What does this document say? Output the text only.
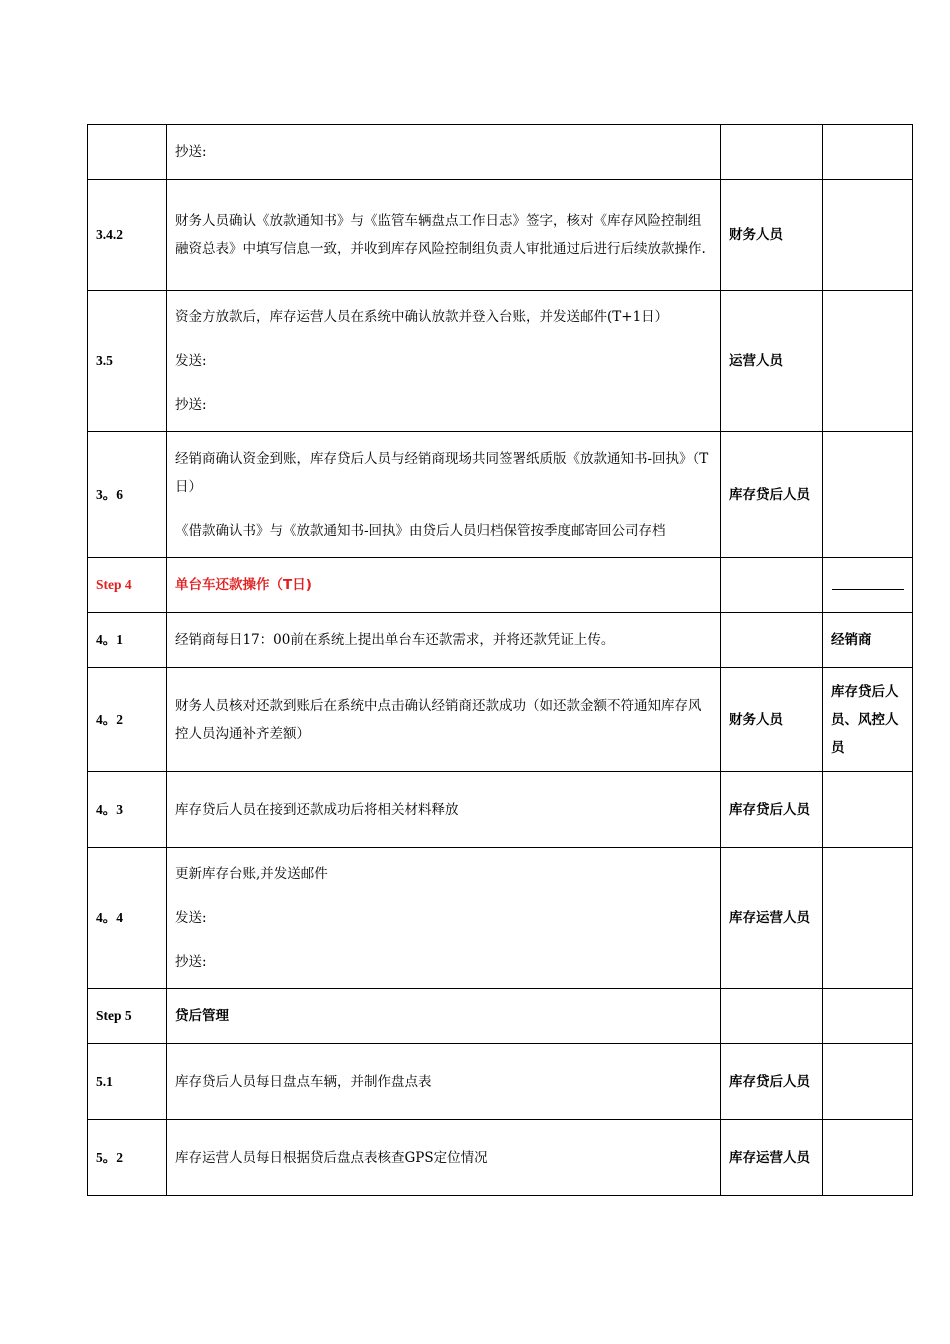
	抄送:		

3.4.2	财务人员确认《放款通知书》与《监管车辆盘点工作日志》签字，核对《库存风险控制组融资总表》中填写信息一致，并收到库存风险控制组负责人审批通过后进行后续放款操作.	财务人员	
3.5	资金方放款后，库存运营人员在系统中确认放款并登入台账，并发送邮件(T+1日）

发送:

抄送:	运营人员	
3。6	经销商确认资金到账，库存贷后人员与经销商现场共同签署纸质版《放款通知书-回执》（T日）

《借款确认书》与《放款通知书-回执》由贷后人员归档保管按季度邮寄回公司存档	库存贷后人员	
Step 4	单台车还款操作（T日)		
4。1	经销商每日17：00前在系统上提出单台车还款需求，并将还款凭证上传。		经销商
4。2	财务人员核对还款到账后在系统中点击确认经销商还款成功（如还款金额不符通知库存风控人员沟通补齐差额）	财务人员	库存贷后人员、风控人员
4。3	库存贷后人员在接到还款成功后将相关材料释放	库存贷后人员	
4。4	更新库存台账,并发送邮件

发送:

抄送:	库存运营人员	
Step 5	贷后管理		
5.1	库存贷后人员每日盘点车辆，并制作盘点表	库存贷后人员	
5。2	库存运营人员每日根据贷后盘点表核查GPS定位情况	库存运营人员	
